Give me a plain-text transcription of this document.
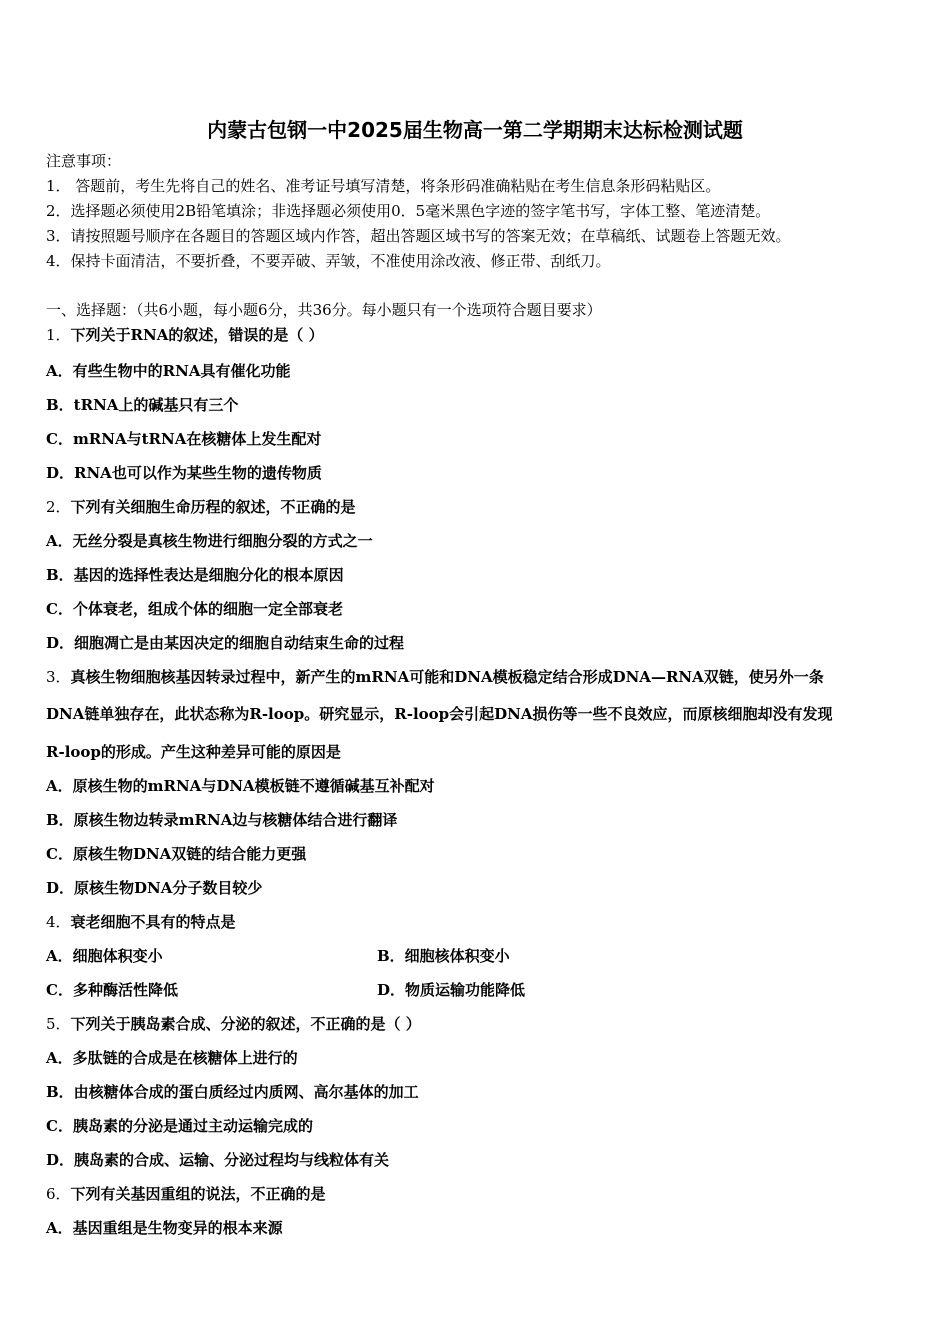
内蒙古包钢一中2025届生物高一第二学期期末达标检测试题
注意事项：
1． 答题前，考生先将自己的姓名、准考证号填写清楚，将条形码准确粘贴在考生信息条形码粘贴区。
2．选择题必须使用2B铅笔填涂；非选择题必须使用0．5毫米黑色字迹的签字笔书写，字体工整、笔迹清楚。
3．请按照题号顺序在各题目的答题区域内作答，超出答题区域书写的答案无效；在草稿纸、试题卷上答题无效。
4．保持卡面清洁，不要折叠，不要弄破、弄皱，不准使用涂改液、修正带、刮纸刀。
一、选择题：（共6小题，每小题6分，共36分。每小题只有一个选项符合题目要求）
1．下列关于RNA的叙述，错误的是（ ）
A．有些生物中的RNA具有催化功能
B．tRNA上的碱基只有三个
C．mRNA与tRNA在核糖体上发生配对
D．RNA也可以作为某些生物的遗传物质
2．下列有关细胞生命历程的叙述，不正确的是
A．无丝分裂是真核生物进行细胞分裂的方式之一
B．基因的选择性表达是细胞分化的根本原因
C．个体衰老，组成个体的细胞一定全部衰老
D．细胞凋亡是由某因决定的细胞自动结束生命的过程
3．真核生物细胞核基因转录过程中，新产生的mRNA可能和DNA模板稳定结合形成DNA—RNA双链，使另外一条
DNA链单独存在，此状态称为R-loop。研究显示，R-loop会引起DNA损伤等一些不良效应，而原核细胞却没有发现
R-loop的形成。产生这种差异可能的原因是
A．原核生物的mRNA与DNA模板链不遵循碱基互补配对
B．原核生物边转录mRNA边与核糖体结合进行翻译
C．原核生物DNA双链的结合能力更强
D．原核生物DNA分子数目较少
4．衰老细胞不具有的特点是
A．细胞体积变小	B．细胞核体积变小
C．多种酶活性降低	D．物质运输功能降低
5．下列关于胰岛素合成、分泌的叙述，不正确的是（ ）
A．多肽链的合成是在核糖体上进行的
B．由核糖体合成的蛋白质经过内质网、高尔基体的加工
C．胰岛素的分泌是通过主动运输完成的
D．胰岛素的合成、运输、分泌过程均与线粒体有关
6．下列有关基因重组的说法，不正确的是
A．基因重组是生物变异的根本来源
